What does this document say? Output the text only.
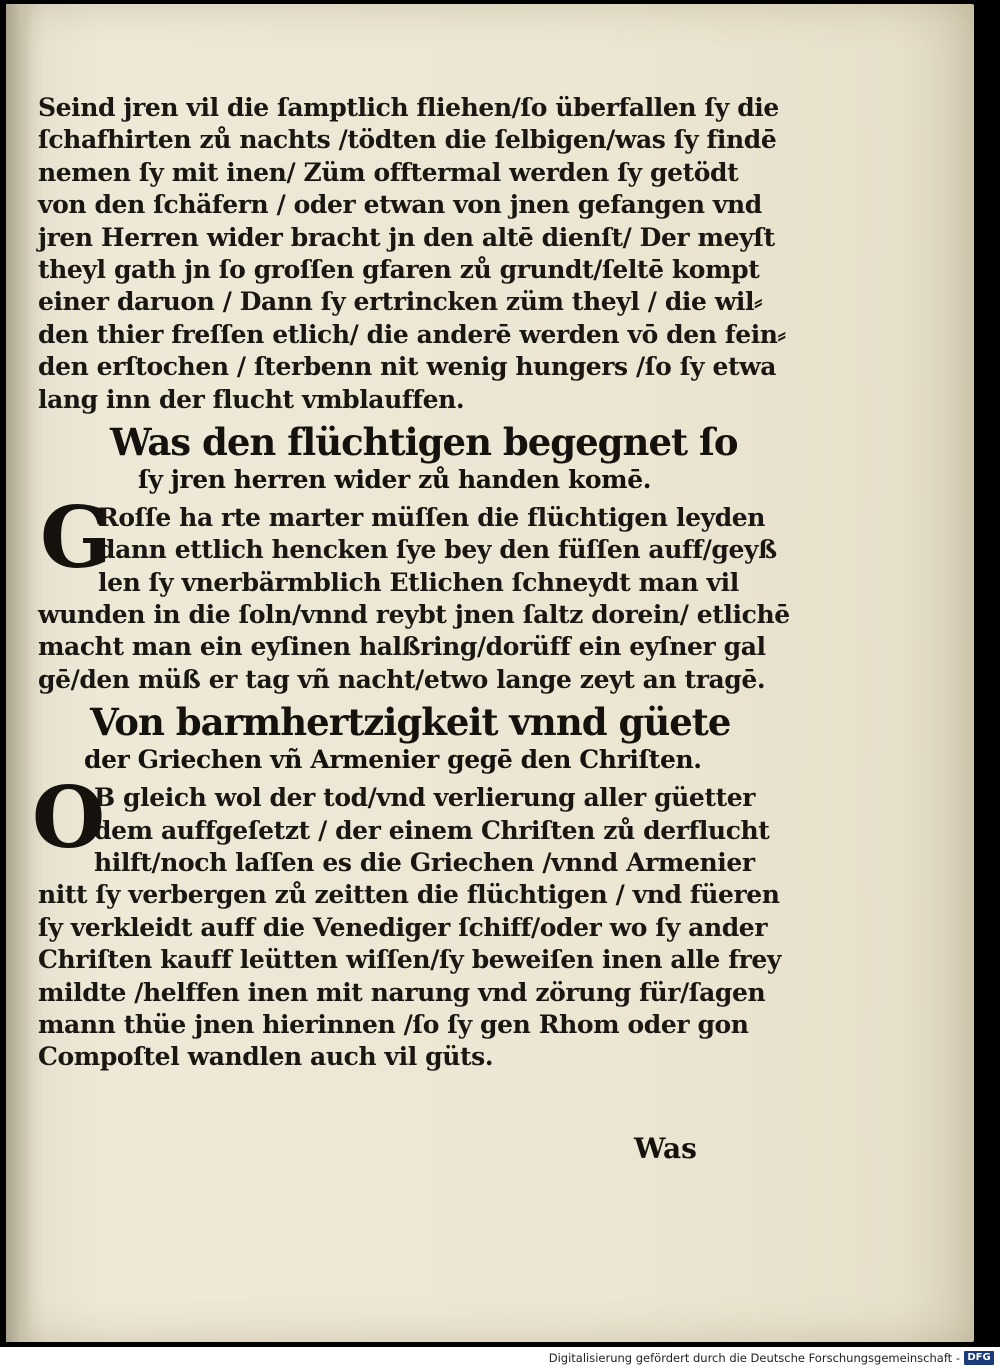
Seind jren vil die ſamptlich fliehen/ſo überfallen ſy die
ſchafhirten zů nachts /tödten die ſelbigen/was ſy findē
nemen ſy mit inen/ Züm offtermal werden ſy getödt
von den ſchäfern / oder etwan von jnen gefangen vnd
jren Herren wider bracht jn den altē dienſt/ Der meyſt
theyl gath jn ſo groſſen gfaren zů grundt/ſeltē kompt
einer daruon / Dann ſy ertrincken züm theyl / die wil⸗
den thier freſſen etlich/ die anderē werden vō den fein⸗
den erſtochen / ſterbenn nit wenig hungers /ſo ſy etwa
lang inn der flucht vmblauffen.
Was den flüchtigen begegnet ſo
ſy jren herren wider zů handen komē.
G
Roſſe ha rte marter müſſen die flüchtigen leyden
dann ettlich hencken ſye bey den füſſen auff/geyß
len ſy vnerbärmblich Etlichen ſchneydt man vil
wunden in die ſoln/vnnd reybt jnen ſaltz dorein/ etlichē
macht man ein eyſinen halßring/dorüff ein eyſner gal
gē/den müß er tag vñ nacht/etwo lange zeyt an tragē.
Von barmhertzigkeit vnnd güete
der Griechen vñ Armenier gegē den Chriſten.
O
B gleich wol der tod/vnd verlierung aller güetter
dem auffgeſetzt / der einem Chriſten zů derflucht
hilft/noch laſſen es die Griechen /vnnd Armenier
nitt ſy verbergen zů zeitten die flüchtigen / vnd füeren
ſy verkleidt auff die Venediger ſchiff/oder wo ſy ander
Chriſten kauff leütten wiſſen/ſy beweiſen inen alle frey
mildte /helffen inen mit narung vnd zörung für/ſagen
mann thüe jnen hierinnen /ſo ſy gen Rhom oder gon
Compoſtel wandlen auch vil güts.
Was
Digitalisierung gefördert durch die Deutsche Forschungsgemeinschaft - DFG
